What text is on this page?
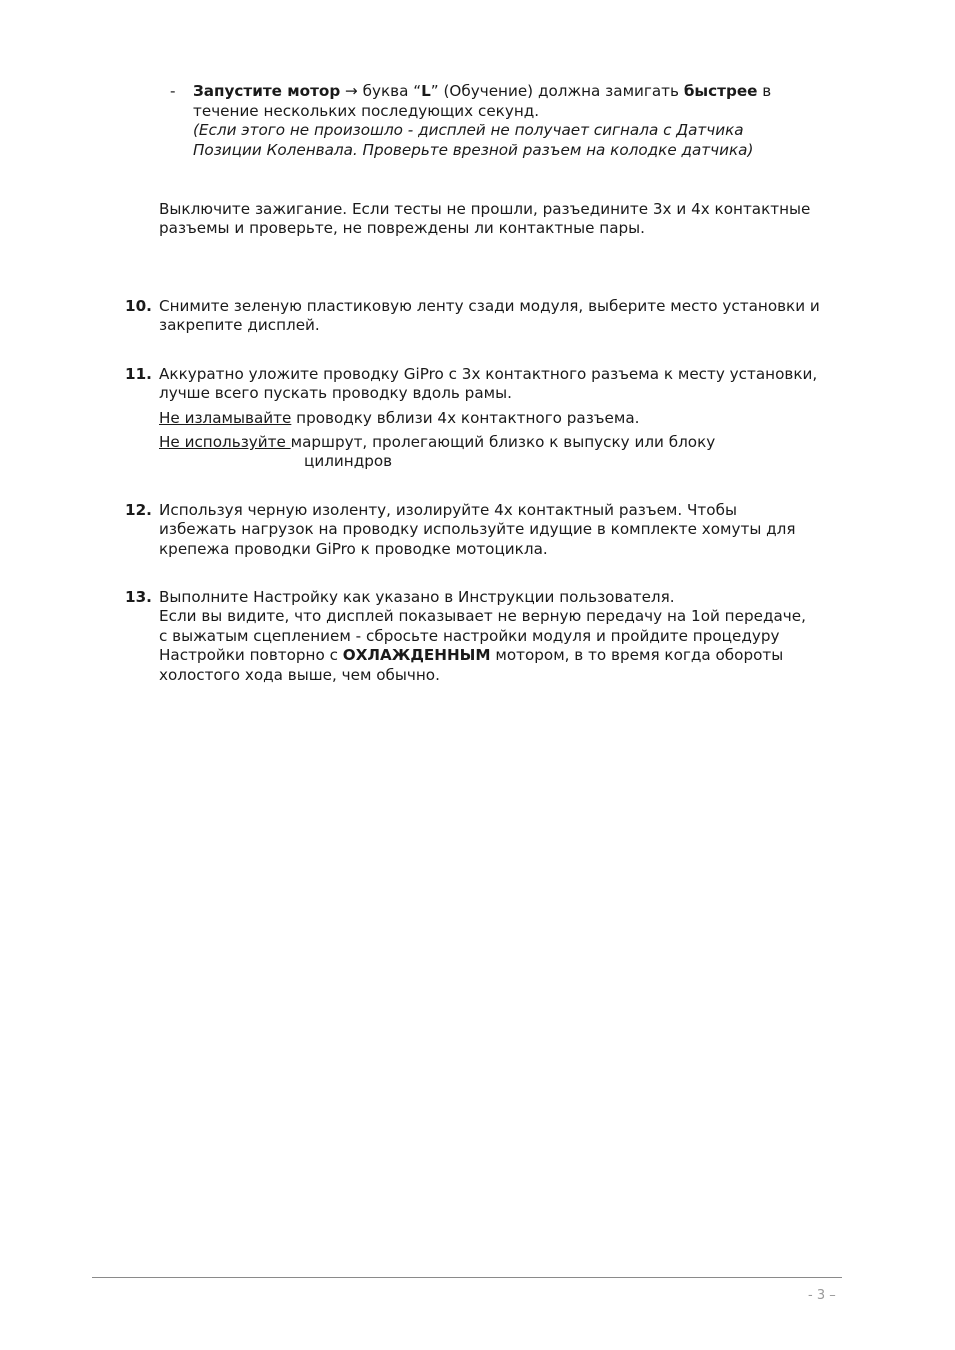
- Запустите мотор → буква “L” (Обучение) должна замигать быстрее в
течение нескольких последующих секунд.
(Если этого не произошло - дисплей не получает сигнала с Датчика
Позиции Коленвала. Проверьте врезной разъем на колодке датчика)
Выключите зажигание. Если тесты не прошли, разъедините 3х и 4х контактные
разъемы и проверьте, не повреждены ли контактные пары.
10. Снимите зеленую пластиковую ленту сзади модуля, выберите место установки и
закрепите дисплей.
11. Аккуратно уложите проводку GiPro с 3х контактного разъема к месту установки,
лучше всего пускать проводку вдоль рамы.
Не изламывайте проводку вблизи 4х контактного разъема.
Не используйте маршрут, пролегающий близко к выпуску или блоку
цилиндров
12. Используя черную изоленту, изолируйте 4х контактный разъем. Чтобы
избежать нагрузок на проводку используйте идущие в комплекте хомуты для
крепежа проводки GiPro к проводке мотоцикла.
13. Выполните Настройку как указано в Инструкции пользователя.
Если вы видите, что дисплей показывает не верную передачу на 1ой передаче,
с выжатым сцеплением - сбросьте настройки модуля и пройдите процедуру
Настройки повторно с ОХЛАЖДЕННЫМ мотором, в то время когда обороты
холостого хода выше, чем обычно.
- 3 –
